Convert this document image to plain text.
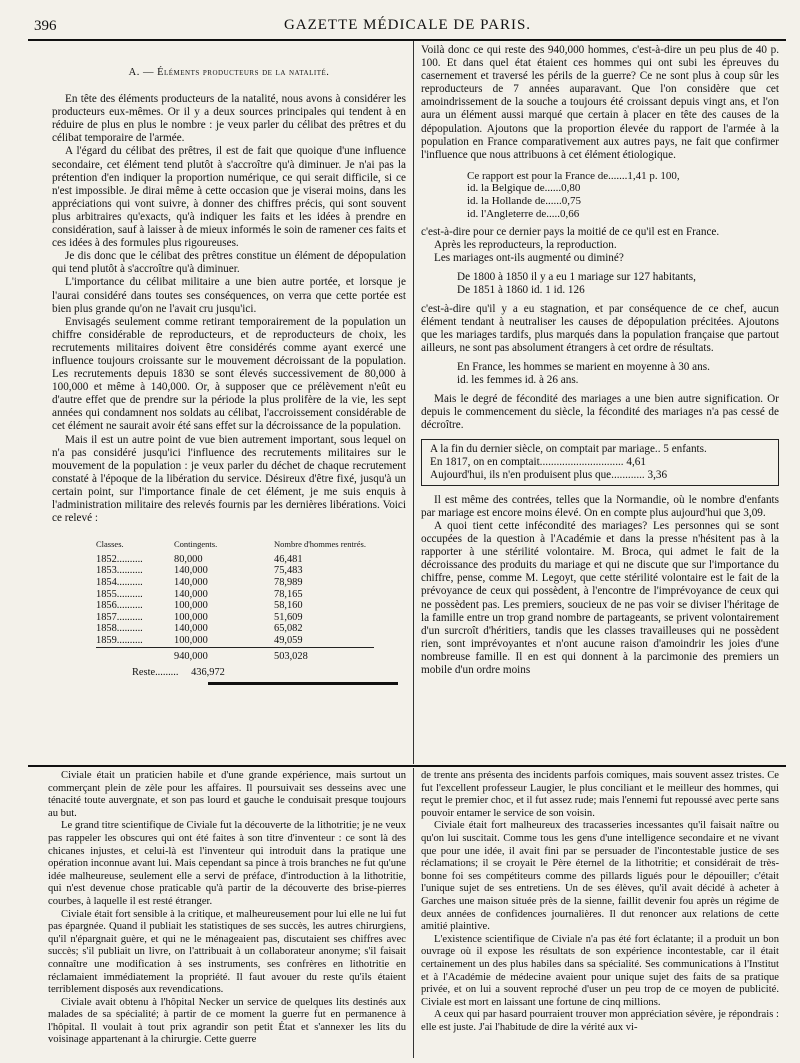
396	GAZETTE MÉDICALE DE PARIS.
A. — Éléments producteurs de la natalité.

En tête des éléments producteurs de la natalité, nous avons à considérer les producteurs eux-mêmes. Or il y a deux sources principales qui tendent à en réduire de plus en plus le nombre : je veux parler du célibat des prêtres et du célibat temporaire de l'armée.

A l'égard du célibat des prêtres, il est de fait que quoique d'une influence secondaire, cet élément tend plutôt à s'accroître qu'à diminuer. Je n'ai pas la prétention d'en indiquer la proportion numérique, ce qui serait difficile, si ce n'est impossible. Je dirai même à cette occasion que je viserai moins, dans les appréciations qui vont suivre, à donner des chiffres précis, qui sont souvent plus arbitraires qu'exacts, qu'à indiquer les faits et les idées à prendre en considération, sauf à laisser à de mieux informés le soin de ramener ces faits et ces idées à des formules plus rigoureuses.

Je dis donc que le célibat des prêtres constitue un élément de dépopulation qui tend plutôt à s'accroître qu'à diminuer.

L'importance du célibat militaire a une bien autre portée, et lorsque je l'aurai considéré dans toutes ses conséquences, on verra que cette portée est bien plus grande qu'on ne l'avait cru jusqu'ici.

Envisagés seulement comme retirant temporairement de la population un chiffre considérable de reproducteurs, et de reproducteurs de choix, les recrutements militaires doivent être considérés comme ayant exercé une influence toujours croissante sur le mouvement décroissant de la population. Les recrutements depuis 1830 se sont élevés successivement de 80,000 à 100,000 et même à 140,000. Or, à supposer que ce prélèvement n'eût eu d'autre effet que de prendre sur la période la plus prolifère de la vie, les sept années qui condamnent nos soldats au célibat, l'accroissement considérable de cet élément ne saurait avoir été sans effet sur la décroissance de la population.

Mais il est un autre point de vue bien autrement important, sous lequel on n'a pas considéré jusqu'ici l'influence des recrutements militaires sur le mouvement de la population : je veux parler du déchet de chaque recrutement constaté à l'époque de la libération du service. Désireux d'être fixé, jusqu'à un certain point, sur l'importance finale de cet élément, je me suis enquis à l'administration militaire des relevés fournis par les dernières libérations. Voici ce relevé :

Classes.	Contingents.	Nombre d'hommes rentrés.
1852..........	80,000	46,481
1853..........	140,000	75,483
1854..........	140,000	78,989
1855..........	140,000	78,165
1856..........	100,000	58,160
1857..........	100,000	51,609
1858..........	140,000	65,082
1859..........	100,000	49,059

	940,000	503,028
Reste......... 436,972

Voilà donc ce qui reste des 940,000 hommes, c'est-à-dire un peu plus de 40 p. 100. Et dans quel état étaient ces hommes qui ont subi les épreuves du casernement et traversé les périls de la guerre? Ce ne sont plus à coup sûr les reproducteurs de 7 années auparavant. Que l'on considère que cet amoindrissement de la souche a toujours été croissant depuis vingt ans, et l'on aura un élément aussi marqué que certain à placer en tête des causes de la dépopulation. Ajoutons que la proportion élevée du rapport de l'armée à la population en France comparativement aux autres pays, ne fait que confirmer l'influence que nous attribuons à cet élément étiologique.

Ce rapport est pour la France de.......1,41 p. 100,
id. la Belgique de......0,80
id. la Hollande de......0,75
id. l'Angleterre de.....0,66

c'est-à-dire pour ce dernier pays la moitié de ce qu'il est en France.

Après les reproducteurs, la reproduction.

Les mariages ont-ils augmenté ou diminé?

De 1800 à 1850 il y a eu 1 mariage sur 127 habitants,
De 1851 à 1860 id. 1 id. 126

c'est-à-dire qu'il y a eu stagnation, et par conséquence de ce chef, aucun élément tendant à neutraliser les causes de dépopulation précitées. Ajoutons que les mariages tardifs, plus marqués dans la population française que partout ailleurs, ne sont pas absolument étrangers à cet ordre de résultats.

En France, les hommes se marient en moyenne à 30 ans.
id. les femmes id. à 26 ans.

Mais le degré de fécondité des mariages a une bien autre signification. Or depuis le commencement du siècle, la fécondité des mariages n'a pas cessé de décroître.

A la fin du dernier siècle, on comptait par mariage.. 5 enfants.
En 1817, on en comptait.............................. 4,61
Aujourd'hui, ils n'en produisent plus que............ 3,36

Il est même des contrées, telles que la Normandie, où le nombre d'enfants par mariage est encore moins élevé. On en compte plus aujourd'hui que 3,09.

A quoi tient cette infécondité des mariages? Les personnes qui se sont occupées de la question à l'Académie et dans la presse n'hésitent pas à la rapporter à une stérilité volontaire. M. Broca, qui admet le fait de la décroissance des produits du mariage et qui ne discute que sur l'importance du chiffre, pense, comme M. Legoyt, que cette stérilité volontaire est le fait de la prévoyance de ceux qui possèdent, à l'encontre de l'imprévoyance de ceux qui ne possèdent pas. Les premiers, soucieux de ne pas voir se diviser l'héritage de la famille entre un trop grand nombre de partageants, se privent volontairement d'un surcroît d'héritiers, tandis que les classes travailleuses qui ne possèdent rien, sont imprévoyantes et n'ont aucune raison d'amoindrir les joies d'une nombreuse famille. Il en est qui donnent à la parcimonie des premiers un mobile d'un ordre moins

Civiale était un praticien habile et d'une grande expérience, mais surtout un commerçant plein de zèle pour les affaires. Il poursuivait ses desseins avec une ténacité toute auvergnate, et son pas lourd et gauche le conduisait presque toujours au but.

Le grand titre scientifique de Civiale fut la découverte de la lithotritie; je ne veux pas rappeler les obscures qui ont été faites à son titre d'inventeur : ce sont là des chicanes injustes, et celui-là est l'inventeur qui introduit dans la pratique une opération inconnue avant lui. Mais cependant sa pince à trois branches ne fut qu'une idée malheureuse, seulement elle a servi de préface, d'introduction à la lithotritie, qui n'est devenue chose praticable qu'à partir de la découverte des brise-pierres courbes, à laquelle il est resté étranger.

Civiale était fort sensible à la critique, et malheureusement pour lui elle ne lui fut pas épargnée. Quand il publiait les statistiques de ses succès, les autres chirurgiens, qu'il n'épargnait guère, et qui ne le ménageaient pas, discutaient ses chiffres avec succès; s'il publiait un livre, on l'attribuait à un collaborateur anonyme; s'il faisait connaître une modification à ses instruments, ses confrères en lithotritie en réclamaient immédiatement la propriété. Il faut avouer du reste qu'ils étaient terriblement disposés aux revendications.

Civiale avait obtenu à l'hôpital Necker un service de quelques lits destinés aux malades de sa spécialité; à partir de ce moment la guerre fut en permanence à l'hôpital. Il voulait à tout prix agrandir son petit État et s'annexer les lits du voisinage appartenant à la chirurgie. Cette guerre

de trente ans présenta des incidents parfois comiques, mais souvent assez tristes. Ce fut l'excellent professeur Laugier, le plus conciliant et le meilleur des hommes, qui reçut le premier choc, et il fut assez rude; mais l'ennemi fut repoussé avec perte sans pouvoir entamer le service de son voisin.

Civiale était fort malheureux des tracasseries incessantes qu'il faisait naître ou qu'on lui suscitait. Comme tous les gens d'une intelligence secondaire et ne vivant que pour une idée, il avait fini par se persuader de l'incontestable justice de ses réclamations; il se croyait le Père éternel de la lithotritie; et considérait de très-bonne foi ses compétiteurs comme des pillards ligués pour le dépouiller; c'était l'unique sujet de ses entretiens. Un de ses élèves, qu'il avait décidé à acheter à Garches une maison située près de la sienne, faillit devenir fou après un régime de deux années de confidences journalières. Il dut renoncer aux relations de cette amitié plaintive.

L'existence scientifique de Civiale n'a pas été fort éclatante; il a produit un bon ouvrage où il expose les résultats de son expérience incontestable, car il était certainement un des plus habiles dans sa spécialité. Ses communications à l'Institut et à l'Académie de médecine avaient pour unique sujet des faits de sa pratique privée, et on lui a souvent reproché d'user un peu trop de ce moyen de publicité. Civiale est mort en laissant une fortune de cinq millions.

A ceux qui par hasard pourraient trouver mon appréciation sévère, je répondrais : elle est juste. J'ai l'habitude de dire la vérité aux vi-
